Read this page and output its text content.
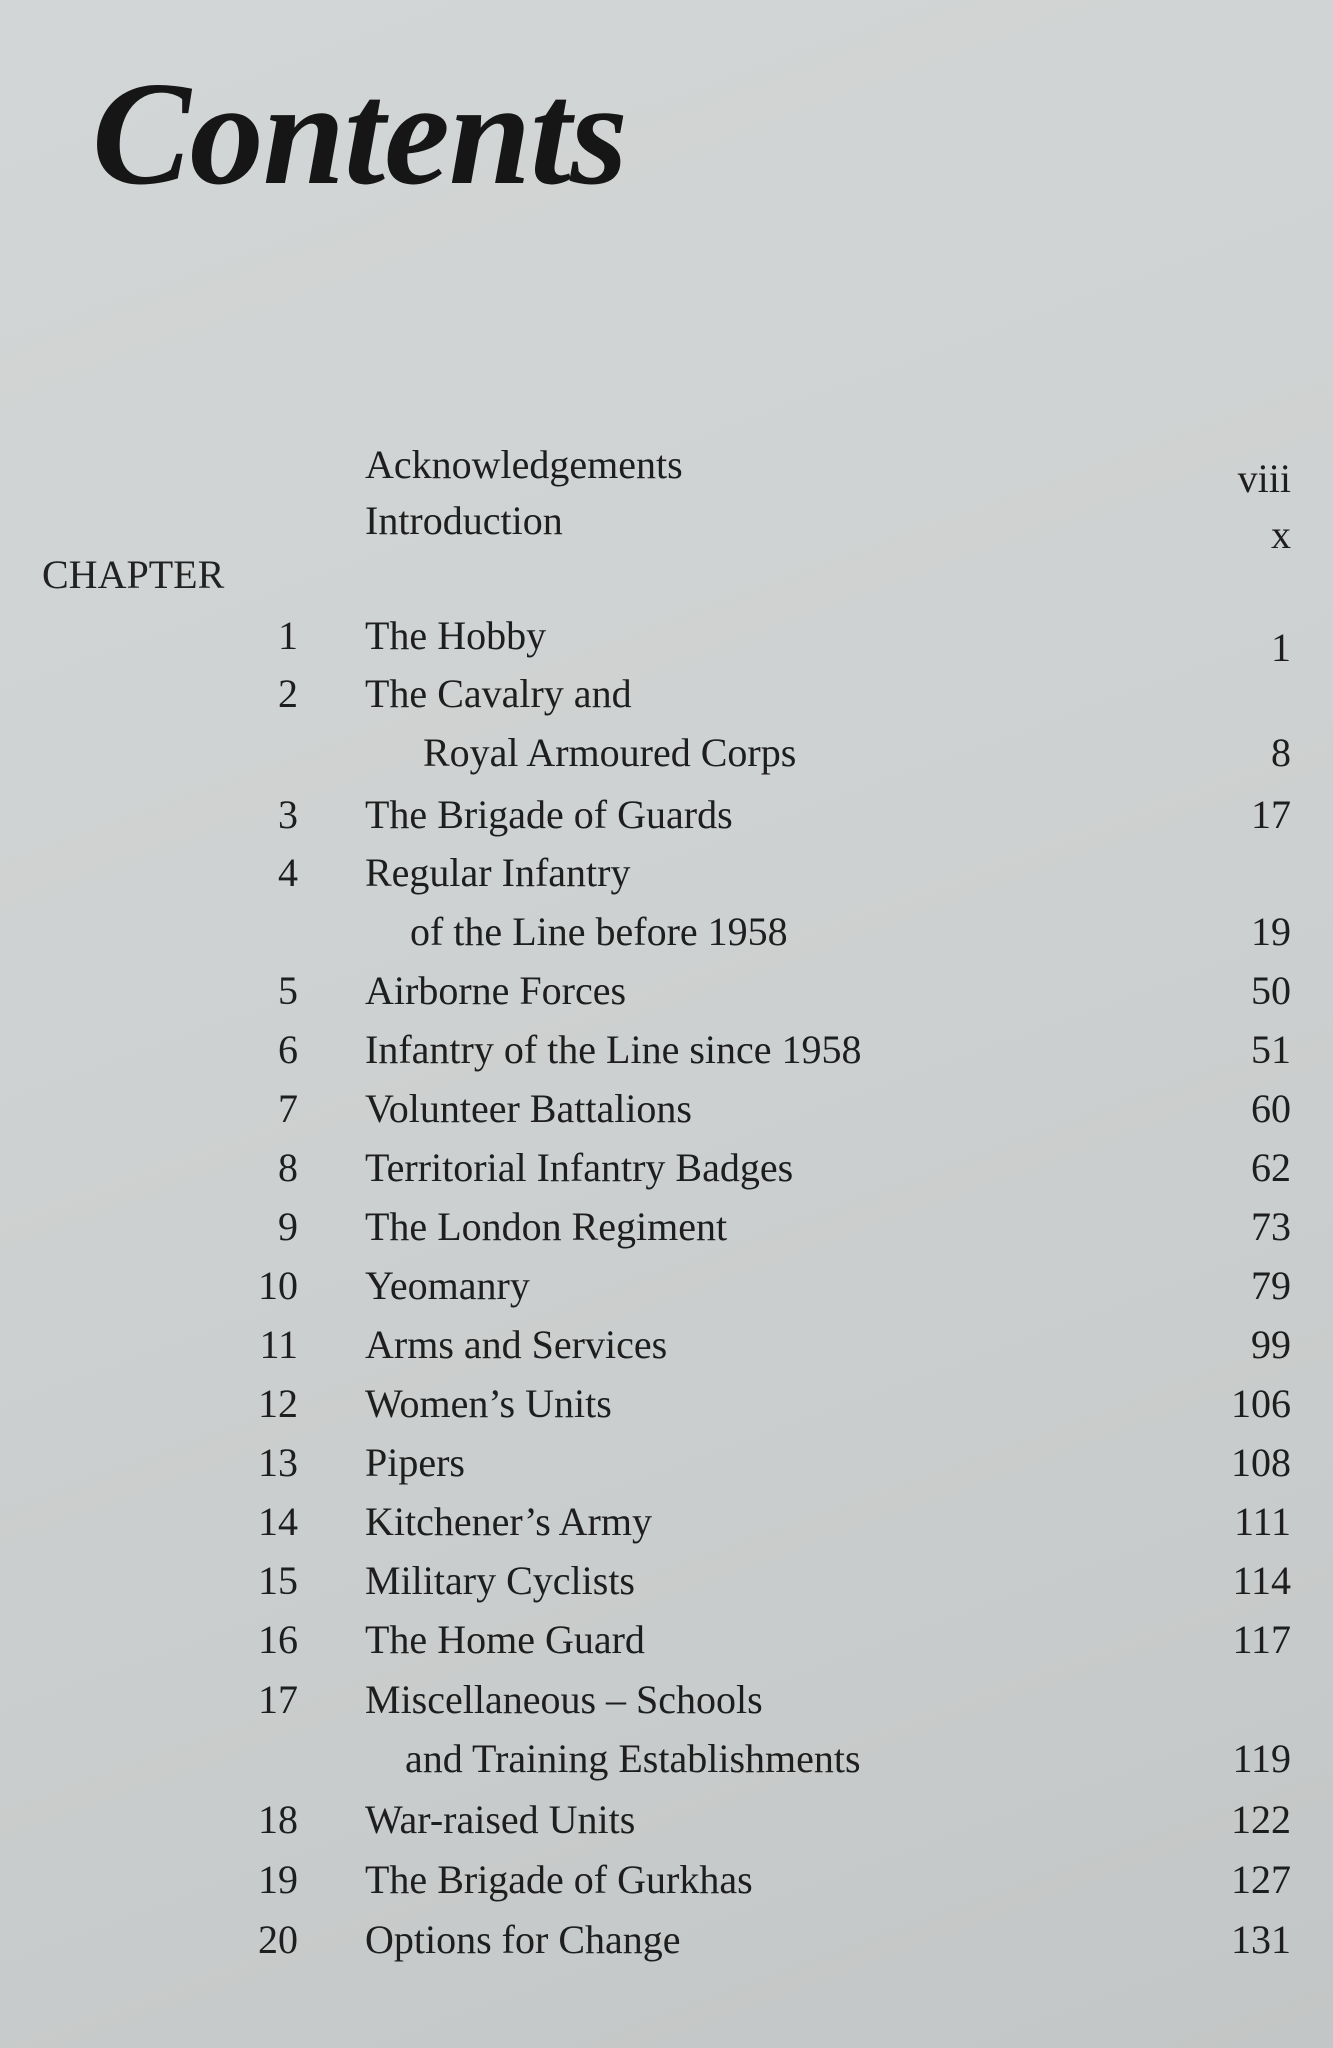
Contents
Acknowledgements	viii
Introduction	x
CHAPTER
1 The Hobby	1
2 The Cavalry and
Royal Armoured Corps	8
3 The Brigade of Guards	17
4 Regular Infantry
of the Line before 1958	19
5 Airborne Forces	50
6 Infantry of the Line since 1958	51
7 Volunteer Battalions	60
8 Territorial Infantry Badges	62
9 The London Regiment	73
10 Yeomanry	79
11 Arms and Services	99
12 Women’s Units	106
13 Pipers	108
14 Kitchener’s Army	111
15 Military Cyclists	114
16 The Home Guard	117
17 Miscellaneous – Schools
and Training Establishments	119
18 War-raised Units	122
19 The Brigade of Gurkhas	127
20 Options for Change	131
